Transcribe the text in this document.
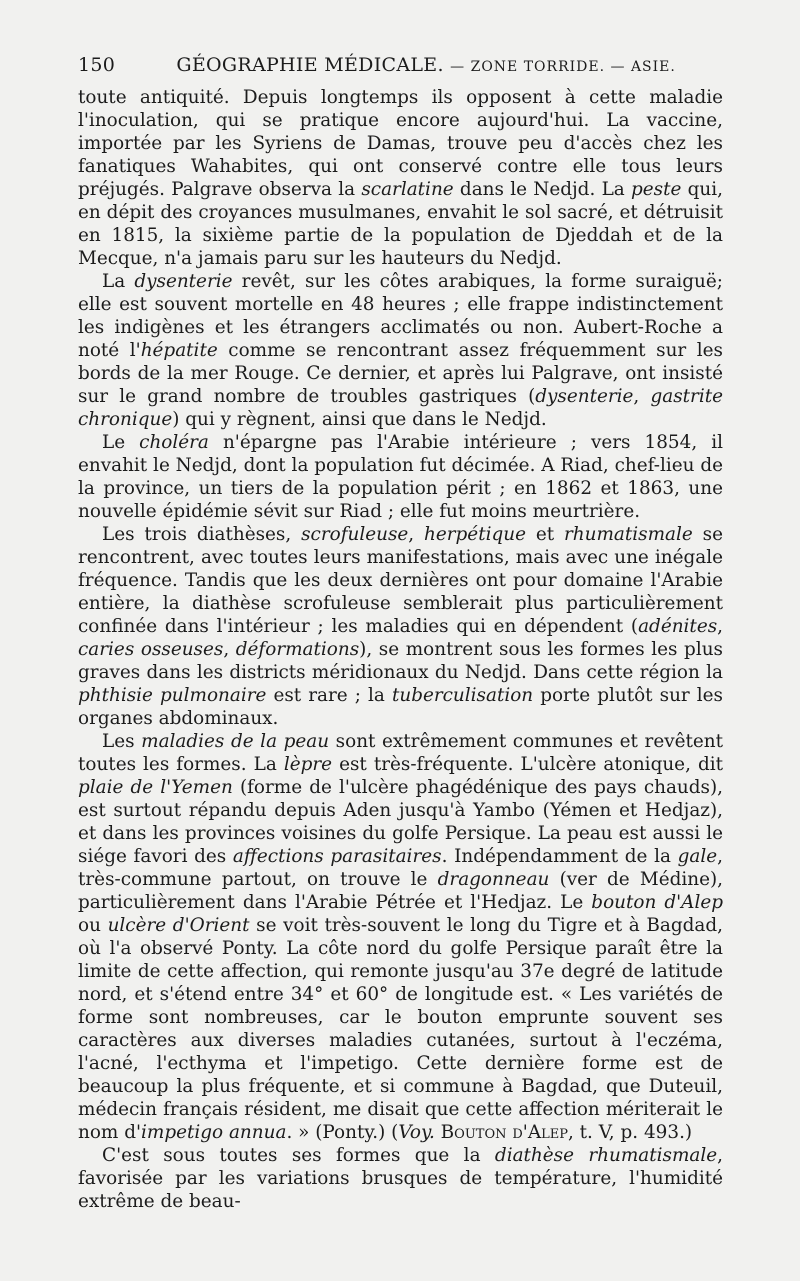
150	GÉOGRAPHIE MÉDICALE. — ZONE TORRIDE. — ASIE.

toute antiquité. Depuis longtemps ils opposent à cette maladie l'inoculation, qui se pratique encore aujourd'hui. La vaccine, importée par les Syriens de Damas, trouve peu d'accès chez les fanatiques Wahabites, qui ont conservé contre elle tous leurs préjugés. Palgrave observa la scarlatine dans le Nedjd. La peste qui, en dépit des croyances musulmanes, envahit le sol sacré, et détruisit en 1815, la sixième partie de la population de Djeddah et de la Mecque, n'a jamais paru sur les hauteurs du Nedjd.

La dysenterie revêt, sur les côtes arabiques, la forme suraiguë; elle est souvent mortelle en 48 heures ; elle frappe indistinctement les indigènes et les étrangers acclimatés ou non. Aubert-Roche a noté l'hépatite comme se rencontrant assez fréquemment sur les bords de la mer Rouge. Ce dernier, et après lui Palgrave, ont insisté sur le grand nombre de troubles gastriques (dysenterie, gastrite chronique) qui y règnent, ainsi que dans le Nedjd.

Le choléra n'épargne pas l'Arabie intérieure ; vers 1854, il envahit le Nedjd, dont la population fut décimée. A Riad, chef-lieu de la province, un tiers de la population périt ; en 1862 et 1863, une nouvelle épidémie sévit sur Riad ; elle fut moins meurtrière.

Les trois diathèses, scrofuleuse, herpétique et rhumatismale se rencontrent, avec toutes leurs manifestations, mais avec une inégale fréquence. Tandis que les deux dernières ont pour domaine l'Arabie entière, la diathèse scrofuleuse semblerait plus particulièrement confinée dans l'intérieur ; les maladies qui en dépendent (adénites, caries osseuses, déformations), se montrent sous les formes les plus graves dans les districts méridionaux du Nedjd. Dans cette région la phthisie pulmonaire est rare ; la tuberculisation porte plutôt sur les organes abdominaux.

Les maladies de la peau sont extrêmement communes et revêtent toutes les formes. La lèpre est très-fréquente. L'ulcère atonique, dit plaie de l'Yemen (forme de l'ulcère phagédénique des pays chauds), est surtout répandu depuis Aden jusqu'à Yambo (Yémen et Hedjaz), et dans les provinces voisines du golfe Persique. La peau est aussi le siége favori des affections parasitaires. Indépendamment de la gale, très-commune partout, on trouve le dragonneau (ver de Médine), particulièrement dans l'Arabie Pétrée et l'Hedjaz. Le bouton d'Alep ou ulcère d'Orient se voit très-souvent le long du Tigre et à Bagdad, où l'a observé Ponty. La côte nord du golfe Persique paraît être la limite de cette affection, qui remonte jusqu'au 37e degré de latitude nord, et s'étend entre 34° et 60° de longitude est. « Les variétés de forme sont nombreuses, car le bouton emprunte souvent ses caractères aux diverses maladies cutanées, surtout à l'eczéma, l'acné, l'ecthyma et l'impetigo. Cette dernière forme est de beaucoup la plus fréquente, et si commune à Bagdad, que Duteuil, médecin français résident, me disait que cette affection mériterait le nom d'impetigo annua. » (Ponty.) (Voy. Bouton d'Alep, t. V, p. 493.)

C'est sous toutes ses formes que la diathèse rhumatismale, favorisée par les variations brusques de température, l'humidité extrême de beau-
